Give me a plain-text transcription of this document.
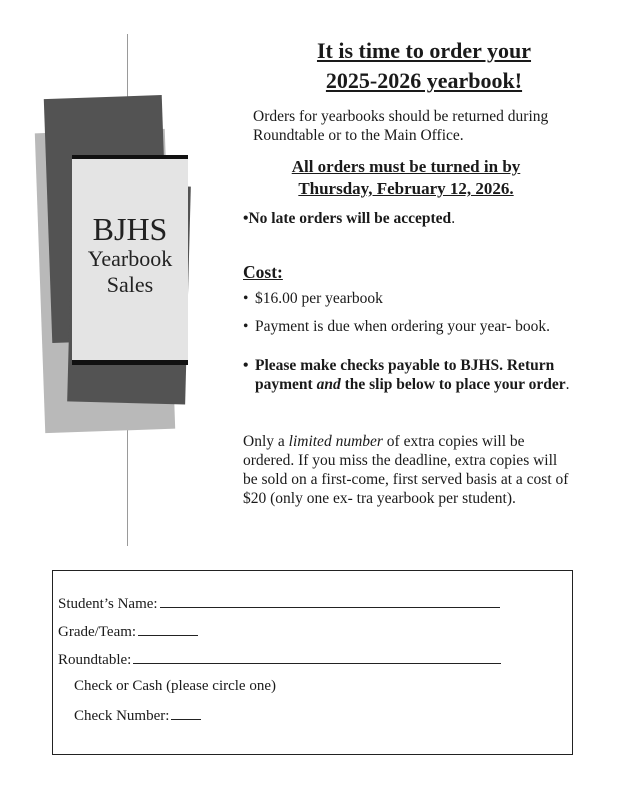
BJHS
Yearbook
Sales
It is time to order your
2025-2026 yearbook!
Orders for yearbooks should be returned during Roundtable or to the Main Office.
All orders must be turned in by
Thursday, February 12, 2026.
•No late orders will be accepted.
Cost:
• $16.00 per yearbook
• Payment is due when ordering your year- book.
• Please make checks payable to BJHS. Return payment and the slip below to place your order.
Only a limited number of extra copies will be ordered. If you miss the deadline, extra copies will be sold on a first-come, first served basis at a cost of $20 (only one ex- tra yearbook per student).
Student’s Name:
Grade/Team:
Roundtable:
Check or Cash (please circle one)
Check Number:
